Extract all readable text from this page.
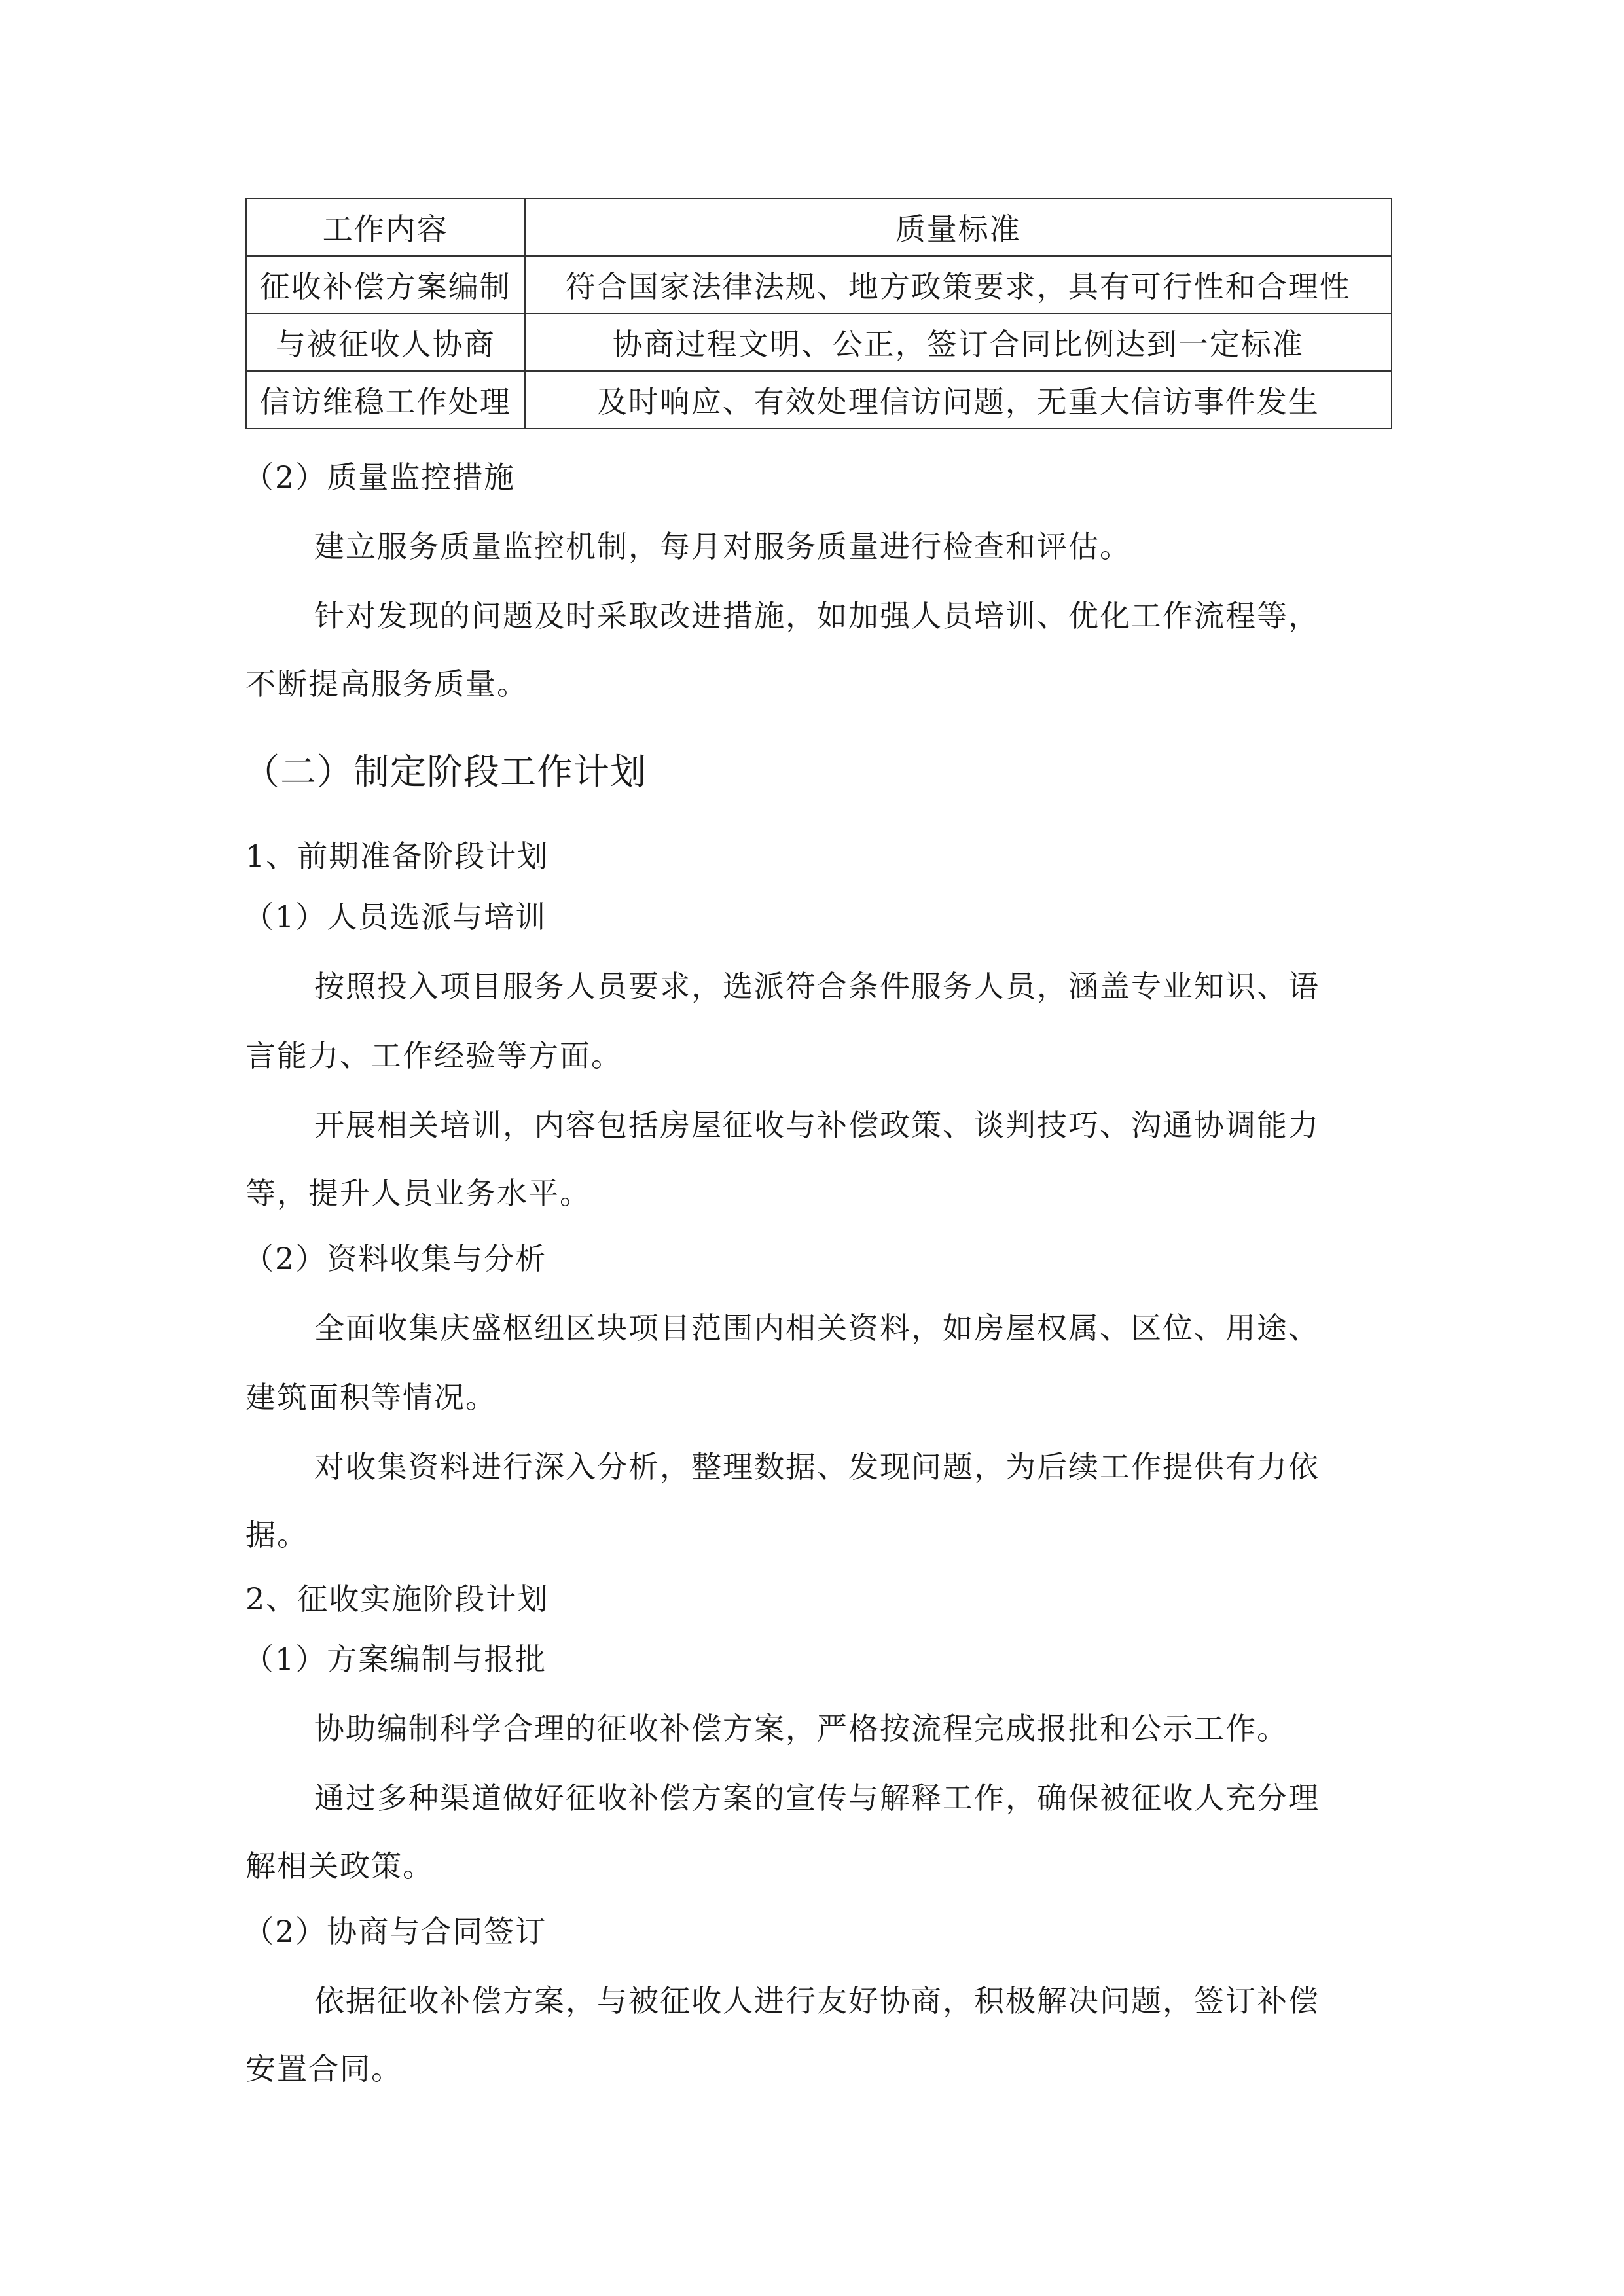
工作内容	质量标准
征收补偿方案编制	符合国家法律法规、地方政策要求，具有可行性和合理性
与被征收人协商	协商过程文明、公正，签订合同比例达到一定标准
信访维稳工作处理	及时响应、有效处理信访问题，无重大信访事件发生
（2）质量监控措施
建立服务质量监控机制，每月对服务质量进行检查和评估。
针对发现的问题及时采取改进措施，如加强人员培训、优化工作流程等，
不断提高服务质量。
（二）制定阶段工作计划
1、前期准备阶段计划
（1）人员选派与培训
按照投入项目服务人员要求，选派符合条件服务人员，涵盖专业知识、语
言能力、工作经验等方面。
开展相关培训，内容包括房屋征收与补偿政策、谈判技巧、沟通协调能力
等，提升人员业务水平。
（2）资料收集与分析
全面收集庆盛枢纽区块项目范围内相关资料，如房屋权属、区位、用途、
建筑面积等情况。
对收集资料进行深入分析，整理数据、发现问题，为后续工作提供有力依
据。
2、征收实施阶段计划
（1）方案编制与报批
协助编制科学合理的征收补偿方案，严格按流程完成报批和公示工作。
通过多种渠道做好征收补偿方案的宣传与解释工作，确保被征收人充分理
解相关政策。
（2）协商与合同签订
依据征收补偿方案，与被征收人进行友好协商，积极解决问题，签订补偿
安置合同。
